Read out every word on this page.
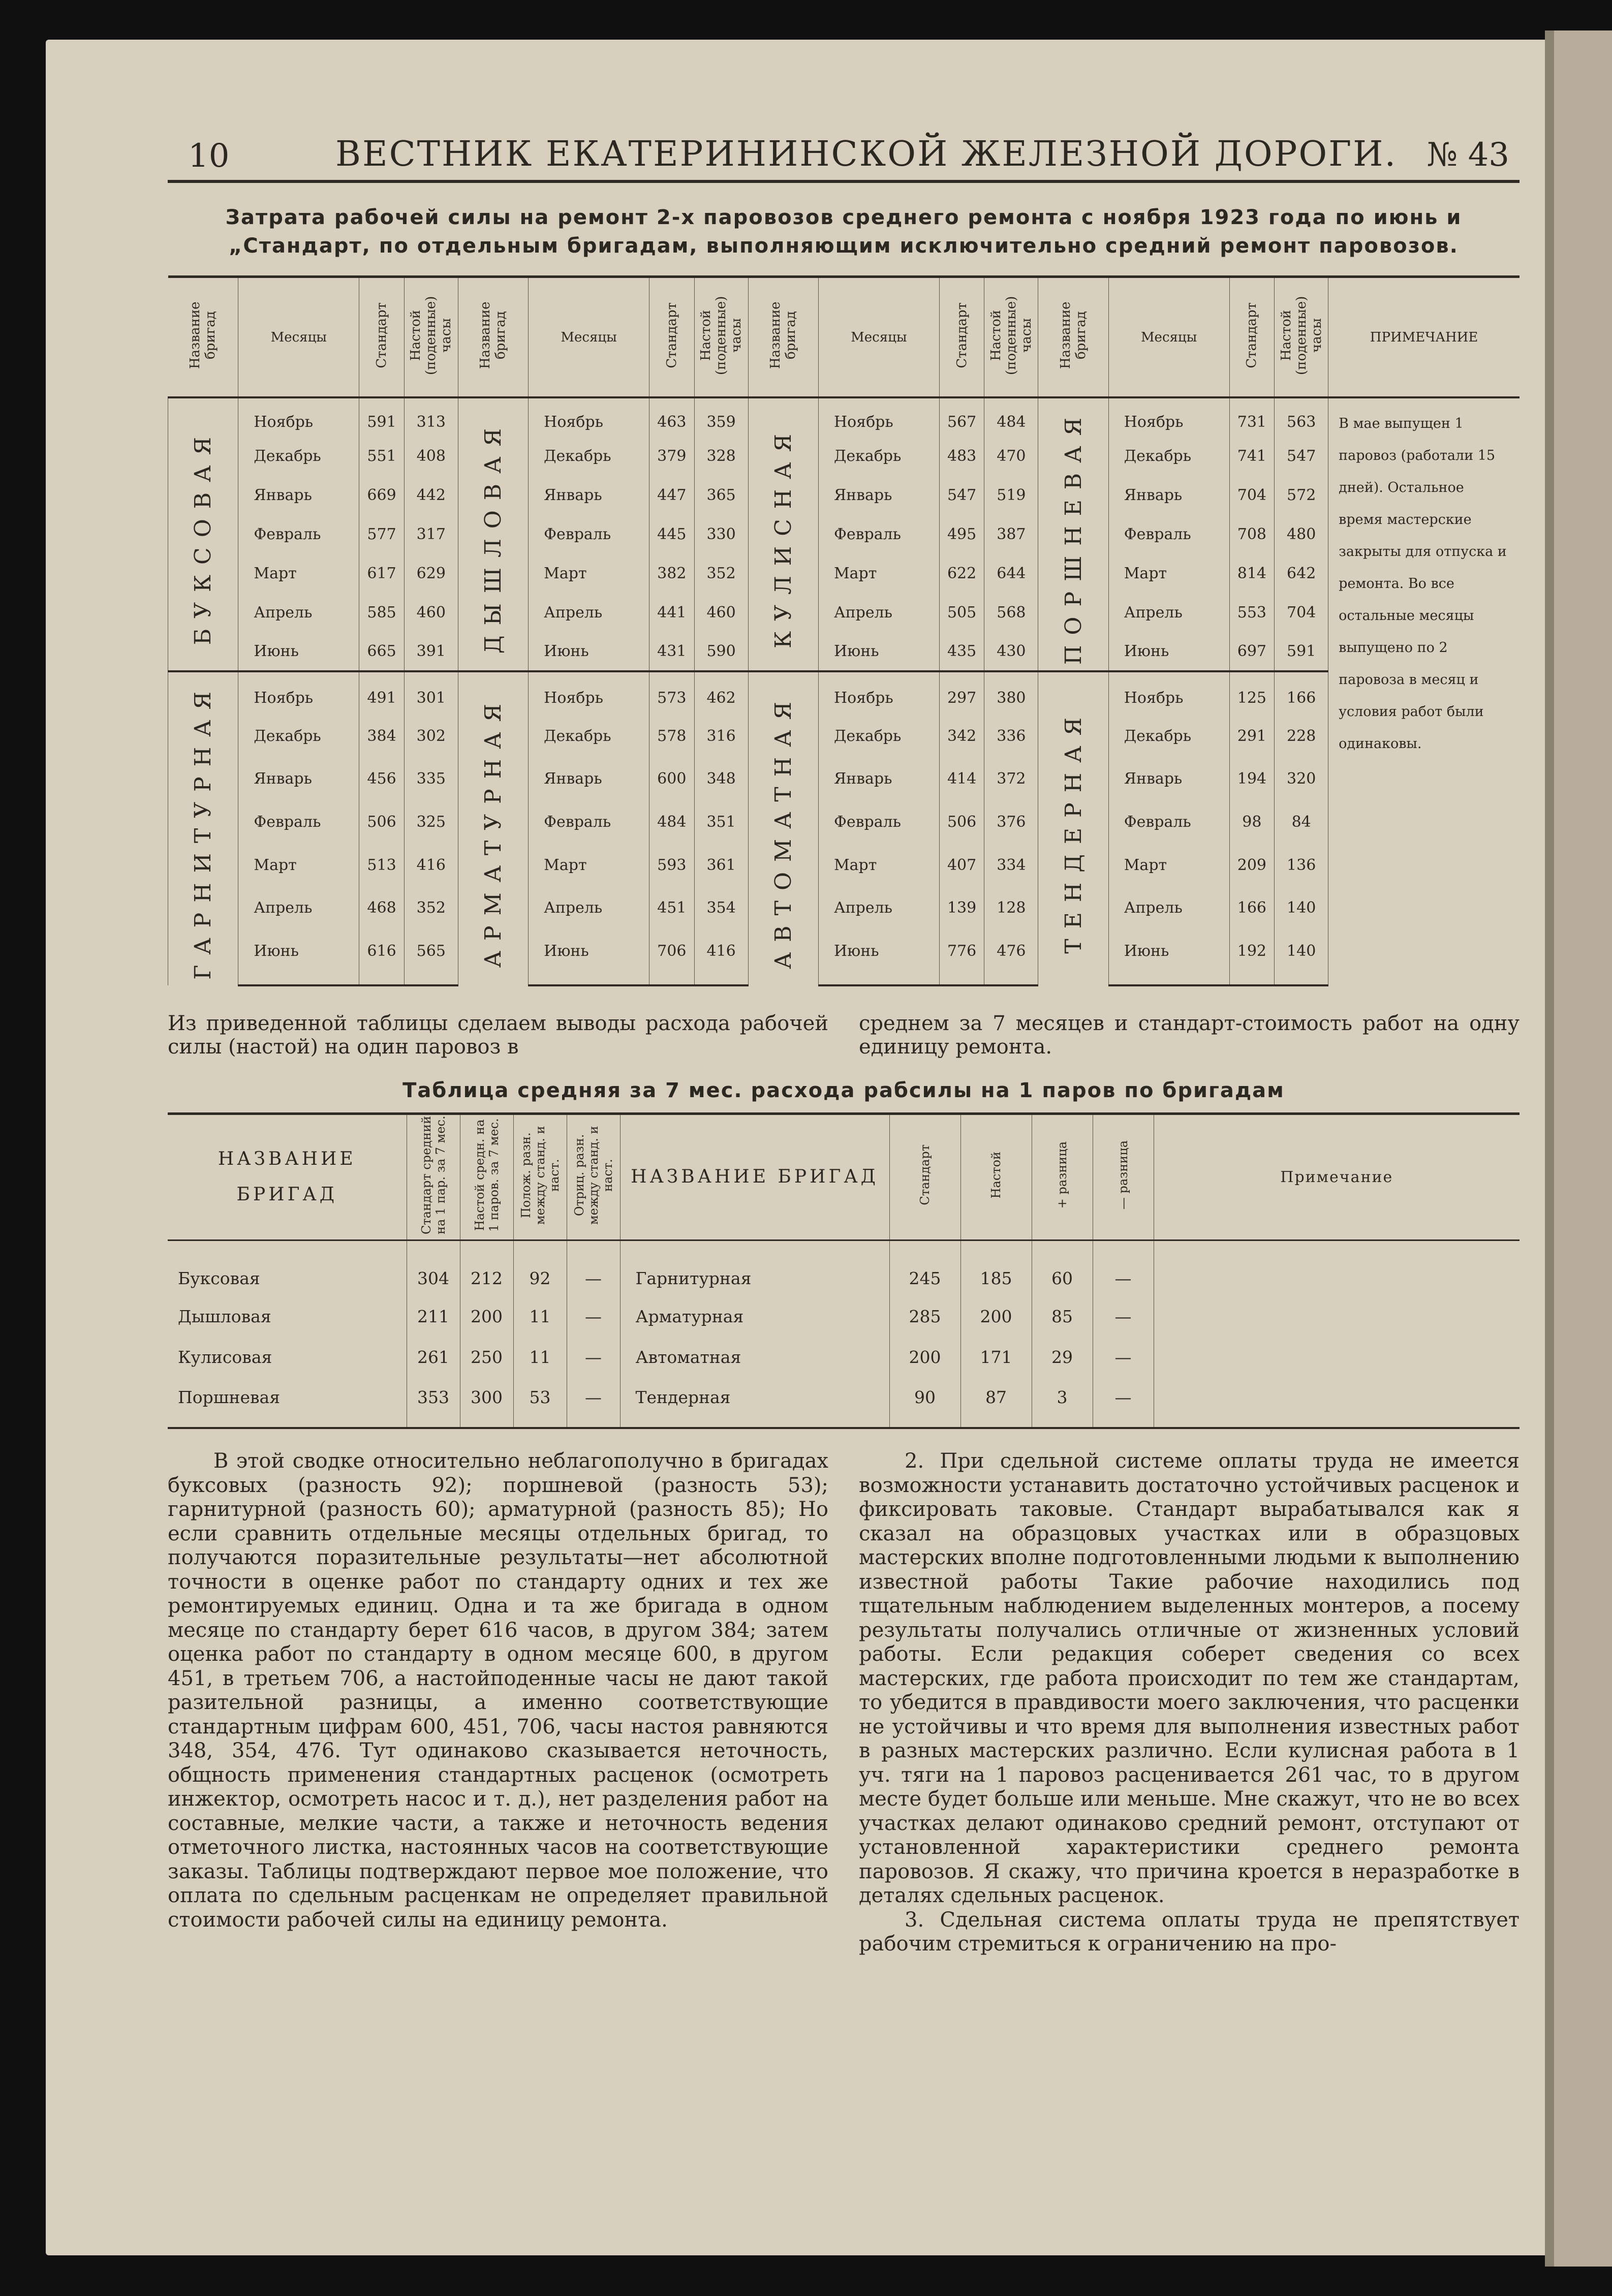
10	ВЕСТНИК ЕКАТЕРИНИНСКОЙ ЖЕЛЕЗНОЙ ДОРОГИ. № 43
Затрата рабочей силы на ремонт 2-х паровозов среднего ремонта с ноября 1923 года по июнь и
„Стандарт, по отдельным бригадам, выполняющим исключительно средний ремонт паровозов.
Название бригад	Месяцы	Стандарт	Настой (поденные) часы	Название бригад	Месяцы	Стандарт	Настой (поденные) часы	Название бригад	Месяцы	Стандарт	Настой (поденные) часы	Название бригад	Месяцы	Стандарт	Настой (поденные) часы	ПРИМЕЧАНИЕ
БУКСОВАЯ	Ноябрь	591	313	ДЫШЛОВАЯ	Ноябрь	463	359	КУЛИСНАЯ	Ноябрь	567	484	ПОРШНЕВАЯ	Ноябрь	731	563	В мае выпущен 1 паровоз (работали 15 дней). Остальное время мастерские закрыты для отпуска и ремонта. Во все остальные месяцы выпущено по 2 паровоза в месяц и условия работ были одинаковы.
	Декабрь	551	408		Декабрь	379	328		Декабрь	483	470		Декабрь	741	547	
	Январь	669	442		Январь	447	365		Январь	547	519		Январь	704	572	
	Февраль	577	317		Февраль	445	330		Февраль	495	387		Февраль	708	480	
	Март	617	629		Март	382	352		Март	622	644		Март	814	642	
	Апрель	585	460		Апрель	441	460		Апрель	505	568		Апрель	553	704	
	Июнь	665	391		Июнь	431	590		Июнь	435	430		Июнь	697	591	
ГАРНИТУРНАЯ	Ноябрь	491	301	АРМАТУРНАЯ	Ноябрь	573	462	АВТОМАТНАЯ	Ноябрь	297	380	ТЕНДЕРНАЯ	Ноябрь	125	166	
	Декабрь	384	302		Декабрь	578	316		Декабрь	342	336		Декабрь	291	228	
	Январь	456	335		Январь	600	348		Январь	414	372		Январь	194	320	
	Февраль	506	325		Февраль	484	351		Февраль	506	376		Февраль	98	84	
	Март	513	416		Март	593	361		Март	407	334		Март	209	136	
	Апрель	468	352		Апрель	451	354		Апрель	139	128		Апрель	166	140	
	Июнь	616	565		Июнь	706	416		Июнь	776	476		Июнь	192	140	

Из приведенной таблицы сделаем выводы расхода рабочей силы (настой) на один паровоз в
среднем за 7 месяцев и стандарт-стоимость работ на одну единицу ремонта.
Таблица средняя за 7 мес. расхода рабсилы на 1 паров по бригадам
НАЗВАНИЕ БРИГАД	Стандарт средний на 1 пар. за 7 мес.	Настой средн. на 1 паров. за 7 мес.	Полож. разн. между станд. и наст.	Отриц. разн. между станд. и наст.	НАЗВАНИЕ БРИГАД	Стандарт	Настой	+ разница	— разница	Примечание
Буксовая	304	212	92	—	Гарнитурная	245	185	60	—	
Дышловая	211	200	11	—	Арматурная	285	200	85	—	
Кулисовая	261	250	11	—	Автоматная	200	171	29	—	
Поршневая	353	300	53	—	Тендерная	90	87	3	—	

В этой сводке относительно неблагополучно в бригадах буксовых (разность 92); поршневой (разность 53); гарнитурной (разность 60); арматурной (разность 85); Но если сравнить отдельные месяцы отдельных бригад, то получаются поразительные результаты—нет абсолютной точности в оценке работ по стандарту одних и тех же ремонтируемых единиц. Одна и та же бригада в одном месяце по стандарту берет 616 часов, в другом 384; затем оценка работ по стандарту в одном месяце 600, в другом 451, в третьем 706, а настойподенные часы не дают такой разительной разницы, а именно соответствующие стандартным цифрам 600, 451, 706, часы настоя равняются 348, 354, 476. Тут одинаково сказывается неточность, общность применения стандартных расценок (осмотреть инжектор, осмотреть насос и т. д.), нет разделения работ на составные, мелкие части, а также и неточность ведения отметочного листка, настоянных часов на соответствующие заказы. Таблицы подтверждают первое мое положение, что оплата по сдельным расценкам не определяет правильной стоимости рабочей силы на единицу ремонта.

2. При сдельной системе оплаты труда не имеется возможности устанавить достаточно устойчивых расценок и фиксировать таковые. Стандарт вырабатывался как я сказал на образцовых участках или в образцовых мастерских вполне подготовленными людьми к выполнению известной работы Такие рабочие находились под тщательным наблюдением выделенных монтеров, а посему результаты получались отличные от жизненных условий работы. Если редакция соберет сведения со всех мастерских, где работа происходит по тем же стандартам, то убедится в правдивости моего заключения, что расценки не устойчивы и что время для выполнения известных работ в разных мастерских различно. Если кулисная работа в 1 уч. тяги на 1 паровоз расценивается 261 час, то в другом месте будет больше или меньше. Мне скажут, что не во всех участках делают одинаково средний ремонт, отступают от установленной характеристики среднего ремонта паровозов. Я скажу, что причина кроется в неразработке в деталях сдельных расценок.

3. Сдельная система оплаты труда не препятствует рабочим стремиться к ограничению на про-
